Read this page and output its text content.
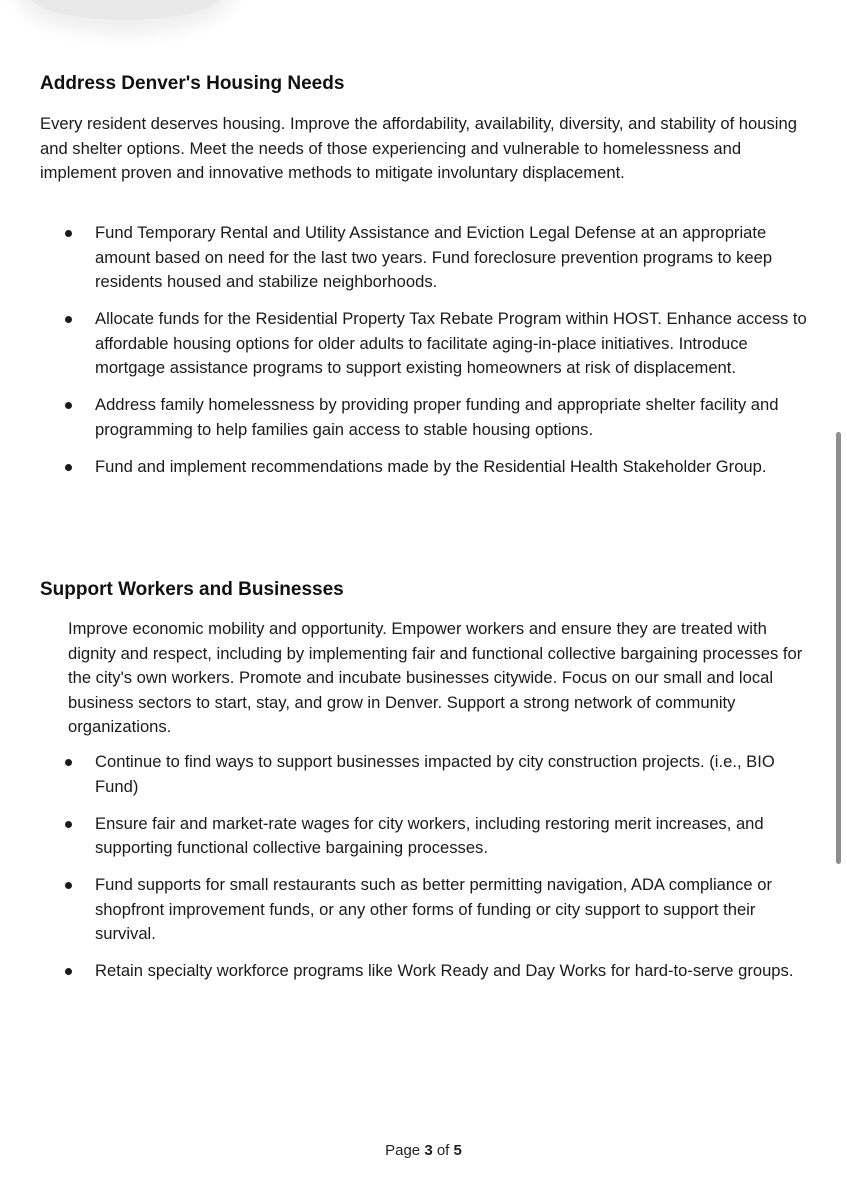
Address Denver's Housing Needs

Every resident deserves housing. Improve the affordability, availability, diversity, and stability of housing and shelter options. Meet the needs of those experiencing and vulnerable to homelessness and implement proven and innovative methods to mitigate involuntary displacement.

Fund Temporary Rental and Utility Assistance and Eviction Legal Defense at an appropriate amount based on need for the last two years. Fund foreclosure prevention programs to keep residents housed and stabilize neighborhoods.
Allocate funds for the Residential Property Tax Rebate Program within HOST. Enhance access to affordable housing options for older adults to facilitate aging-in-place initiatives. Introduce mortgage assistance programs to support existing homeowners at risk of displacement.
Address family homelessness by providing proper funding and appropriate shelter facility and programming to help families gain access to stable housing options.
Fund and implement recommendations made by the Residential Health Stakeholder Group.
Support Workers and Businesses

Improve economic mobility and opportunity. Empower workers and ensure they are treated with dignity and respect, including by implementing fair and functional collective bargaining processes for the city's own workers. Promote and incubate businesses citywide. Focus on our small and local business sectors to start, stay, and grow in Denver. Support a strong network of community organizations.

Continue to find ways to support businesses impacted by city construction projects. (i.e., BIO Fund)
Ensure fair and market-rate wages for city workers, including restoring merit increases, and supporting functional collective bargaining processes.
Fund supports for small restaurants such as better permitting navigation, ADA compliance or shopfront improvement funds, or any other forms of funding or city support to support their survival.
Retain specialty workforce programs like Work Ready and Day Works for hard-to-serve groups.
Page 3 of 5
